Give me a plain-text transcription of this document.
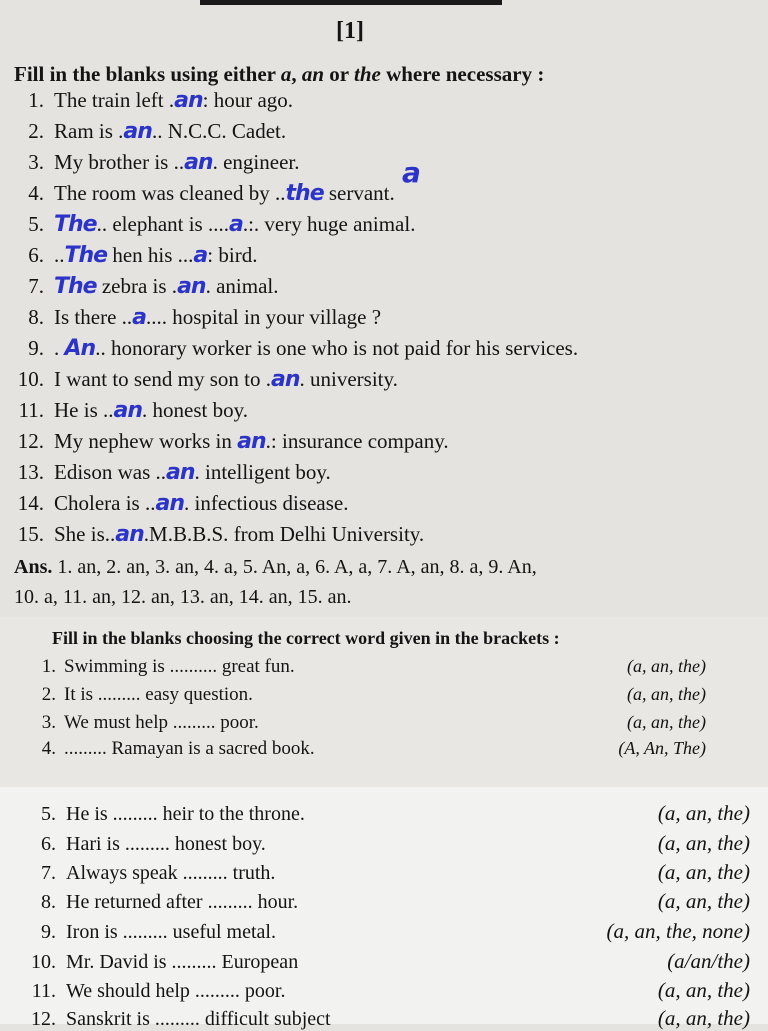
[1]
Fill in the blanks using either a, an or the where necessary :
1. The train left .an: hour ago.
2. Ram is .an.. N.C.C. Cadet.
3. My brother is ..an. engineer.
4. The room was cleaned by ..the servant.
5. The.. elephant is ....a.:. very huge animal.
6. ..The hen his ...a: bird.
7. The zebra is .an. animal.
8. Is there ..a.... hospital in your village ?
9. . An.. honorary worker is one who is not paid for his services.
10. I want to send my son to .an. university.
11. He is ..an. honest boy.
12. My nephew works in an.: insurance company.
13. Edison was ..an. intelligent boy.
14. Cholera is ..an. infectious disease.
15. She is..an.M.B.B.S. from Delhi University.
a
Ans. 1. an, 2. an, 3. an, 4. a, 5. An, a, 6. A, a, 7. A, an, 8. a, 9. An,
10. a, 11. an, 12. an, 13. an, 14. an, 15. an.
Fill in the blanks choosing the correct word given in the brackets :
1. Swimming is .......... great fun.	(a, an, the)
2. It is ......... easy question.	(a, an, the)
3. We must help ......... poor.	(a, an, the)
4. ......... Ramayan is a sacred book.	(A, An, The)
5. He is ......... heir to the throne.	(a, an, the)
6. Hari is ......... honest boy.	(a, an, the)
7. Always speak ......... truth.	(a, an, the)
8. He returned after ......... hour.	(a, an, the)
9. Iron is ......... useful metal.	(a, an, the, none)
10. Mr. David is ......... European	(a/an/the)
11. We should help ......... poor.	(a, an, the)
12. Sanskrit is ......... difficult subject	(a, an, the)
